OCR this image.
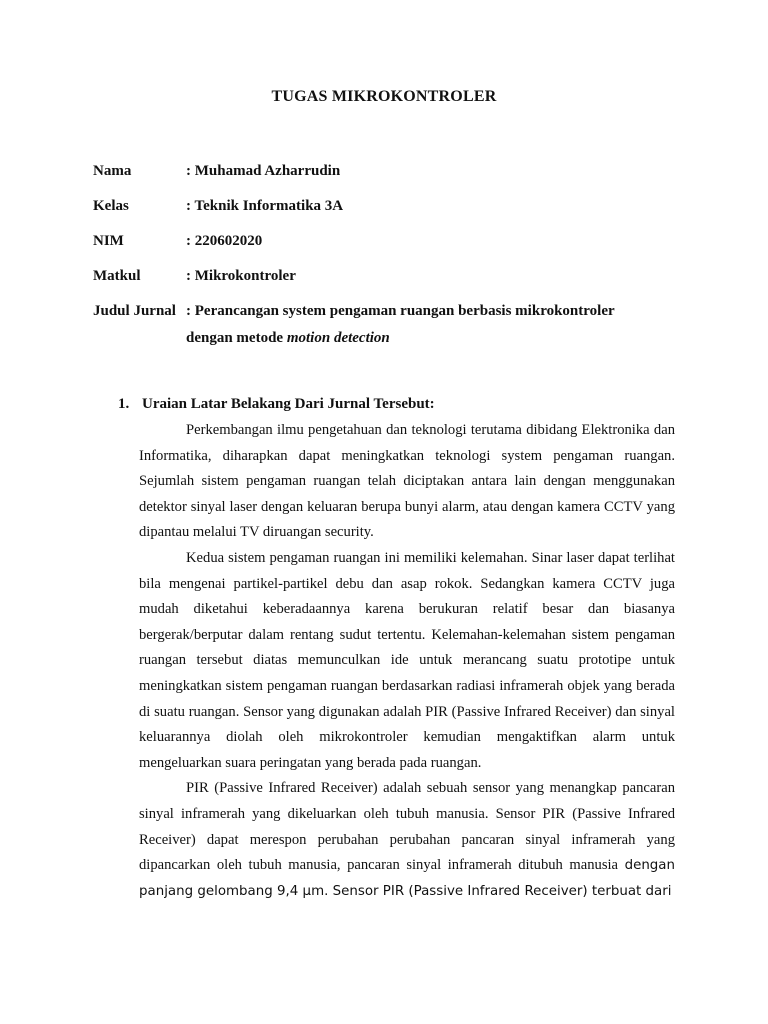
TUGAS MIKROKONTROLER
Nama	: Muhamad Azharrudin
Kelas	: Teknik Informatika 3A
NIM	: 220602020
Matkul	: Mikrokontroler
Judul Jurnal : Perancangan system pengaman ruangan berbasis mikrokontroler
dengan metode motion detection
1. Uraian Latar Belakang Dari Jurnal Tersebut:

Perkembangan ilmu pengetahuan dan teknologi terutama dibidang Elektronika dan Informatika, diharapkan dapat meningkatkan teknologi system pengaman ruangan. Sejumlah sistem pengaman ruangan telah diciptakan antara lain dengan menggunakan detektor sinyal laser dengan keluaran berupa bunyi alarm, atau dengan kamera CCTV yang dipantau melalui TV diruangan security.

Kedua sistem pengaman ruangan ini memiliki kelemahan. Sinar laser dapat terlihat bila mengenai partikel-partikel debu dan asap rokok. Sedangkan kamera CCTV juga mudah diketahui keberadaannya karena berukuran relatif besar dan biasanya bergerak/berputar dalam rentang sudut tertentu. Kelemahan-kelemahan sistem pengaman ruangan tersebut diatas memunculkan ide untuk merancang suatu prototipe untuk meningkatkan sistem pengaman ruangan berdasarkan radiasi inframerah objek yang berada di suatu ruangan. Sensor yang digunakan adalah PIR (Passive Infrared Receiver) dan sinyal keluarannya diolah oleh mikrokontroler kemudian mengaktifkan alarm untuk mengeluarkan suara peringatan yang berada pada ruangan.

PIR (Passive Infrared Receiver) adalah sebuah sensor yang menangkap pancaran sinyal inframerah yang dikeluarkan oleh tubuh manusia. Sensor PIR (Passive Infrared Receiver) dapat merespon perubahan perubahan pancaran sinyal inframerah yang dipancarkan oleh tubuh manusia, pancaran sinyal inframerah ditubuh manusia dengan panjang gelombang 9,4 μm. Sensor PIR (Passive Infrared Receiver) terbuat dari
